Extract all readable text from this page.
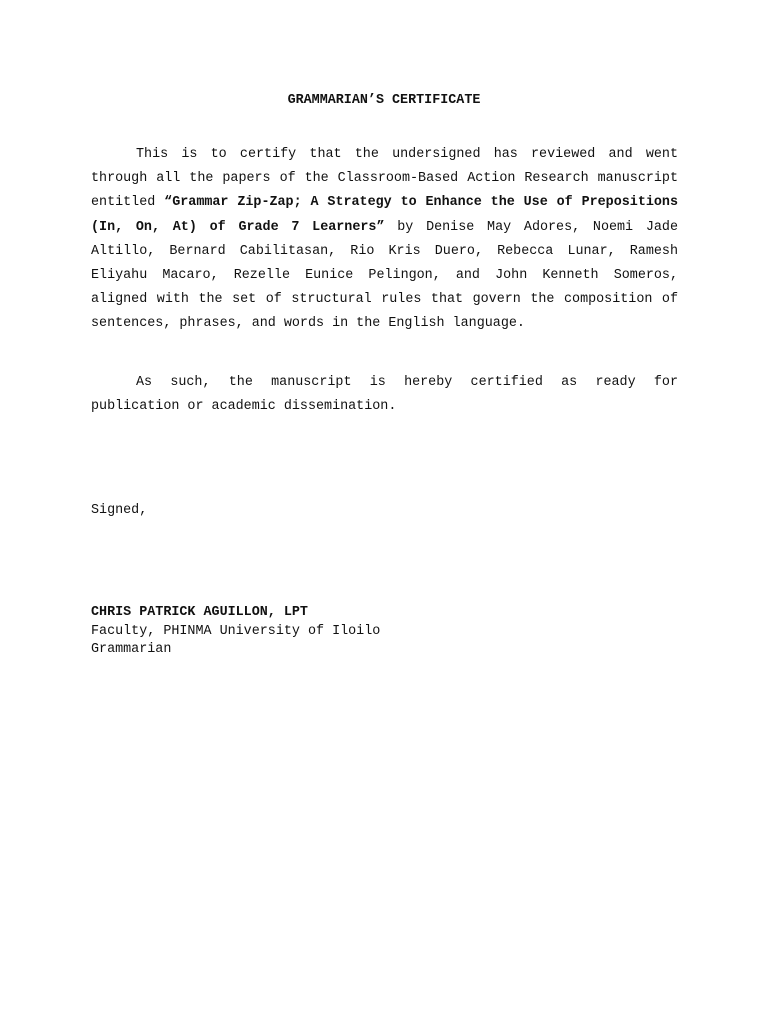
GRAMMARIAN’S CERTIFICATE

This is to certify that the undersigned has reviewed and went through all the papers of the Classroom-Based Action Research manuscript entitled “Grammar Zip-Zap; A Strategy to Enhance the Use of Prepositions (In, On, At) of Grade 7 Learners” by Denise May Adores, Noemi Jade Altillo, Bernard Cabilitasan, Rio Kris Duero, Rebecca Lunar, Ramesh Eliyahu Macaro, Rezelle Eunice Pelingon, and John Kenneth Someros, aligned with the set of structural rules that govern the composition of sentences, phrases, and words in the English language.

As such, the manuscript is hereby certified as ready for publication or academic dissemination.

Signed,
CHRIS PATRICK AGUILLON, LPT
Faculty, PHINMA University of Iloilo
Grammarian
